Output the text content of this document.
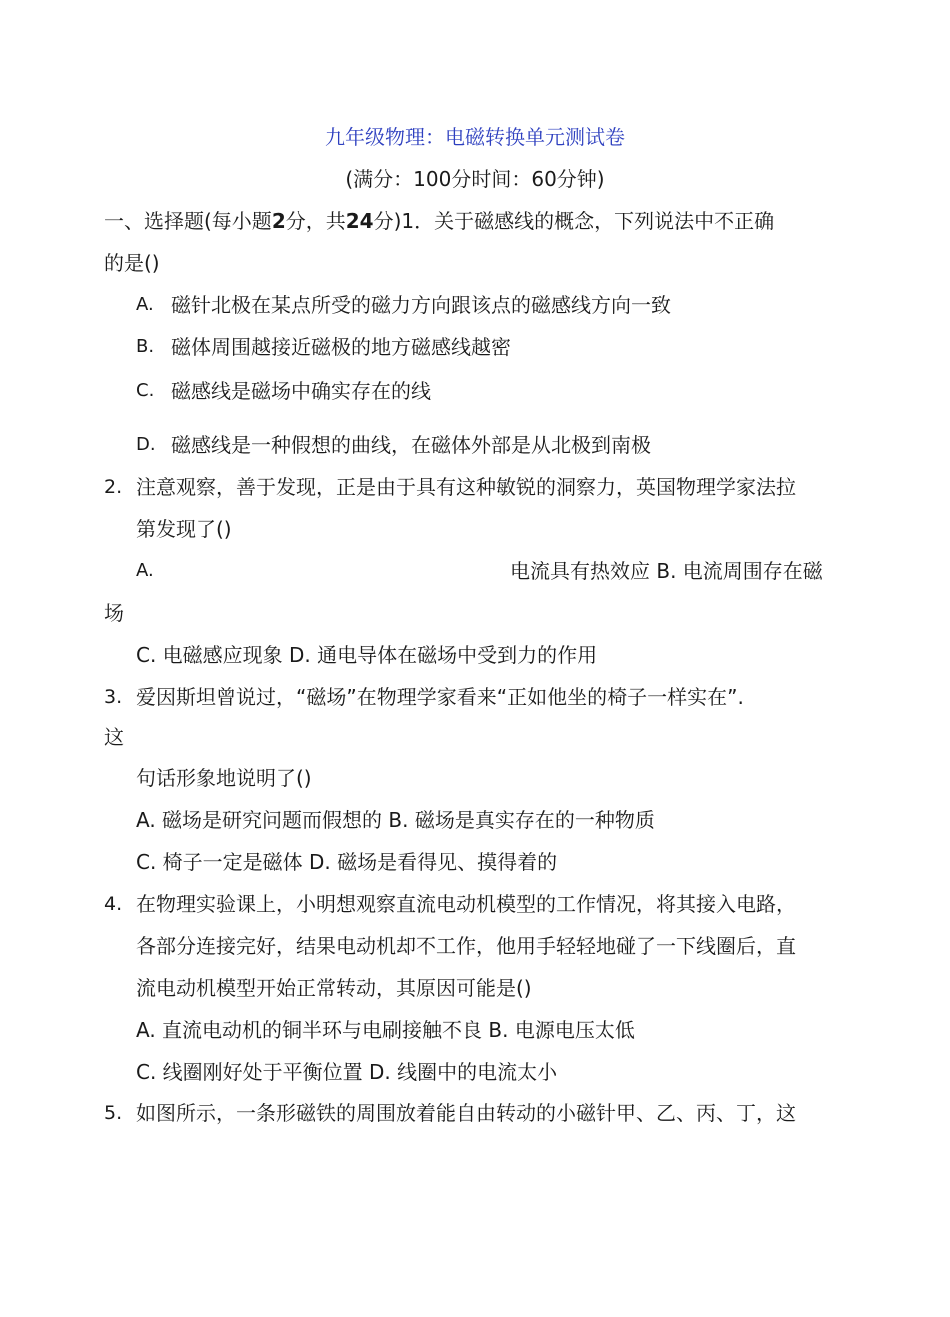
九年级物理：电磁转换单元测试卷
(满分：100分时间：60分钟)
一、选择题(每小题2分，共24分)1．关于磁感线的概念，下列说法中不正确
的是()
A. 磁针北极在某点所受的磁力方向跟该点的磁感线方向一致
B. 磁体周围越接近磁极的地方磁感线越密
C. 磁感线是磁场中确实存在的线
D. 磁感线是一种假想的曲线，在磁体外部是从北极到南极
2. 注意观察，善于发现，正是由于具有这种敏锐的洞察力，英国物理学家法拉
第发现了()
A.	电流具有热效应 B. 电流周围存在磁
场
C. 电磁感应现象 D. 通电导体在磁场中受到力的作用
3. 爱因斯坦曾说过，“磁场”在物理学家看来“正如他坐的椅子一样实在”.
这
句话形象地说明了()
A. 磁场是研究问题而假想的 B. 磁场是真实存在的一种物质
C. 椅子一定是磁体 D. 磁场是看得见、摸得着的
4. 在物理实验课上，小明想观察直流电动机模型的工作情况，将其接入电路，
各部分连接完好，结果电动机却不工作，他用手轻轻地碰了一下线圈后，直
流电动机模型开始正常转动，其原因可能是()
A. 直流电动机的铜半环与电刷接触不良 B. 电源电压太低
C. 线圈刚好处于平衡位置 D. 线圈中的电流太小
5. 如图所示，一条形磁铁的周围放着能自由转动的小磁针甲、乙、丙、丁，这
